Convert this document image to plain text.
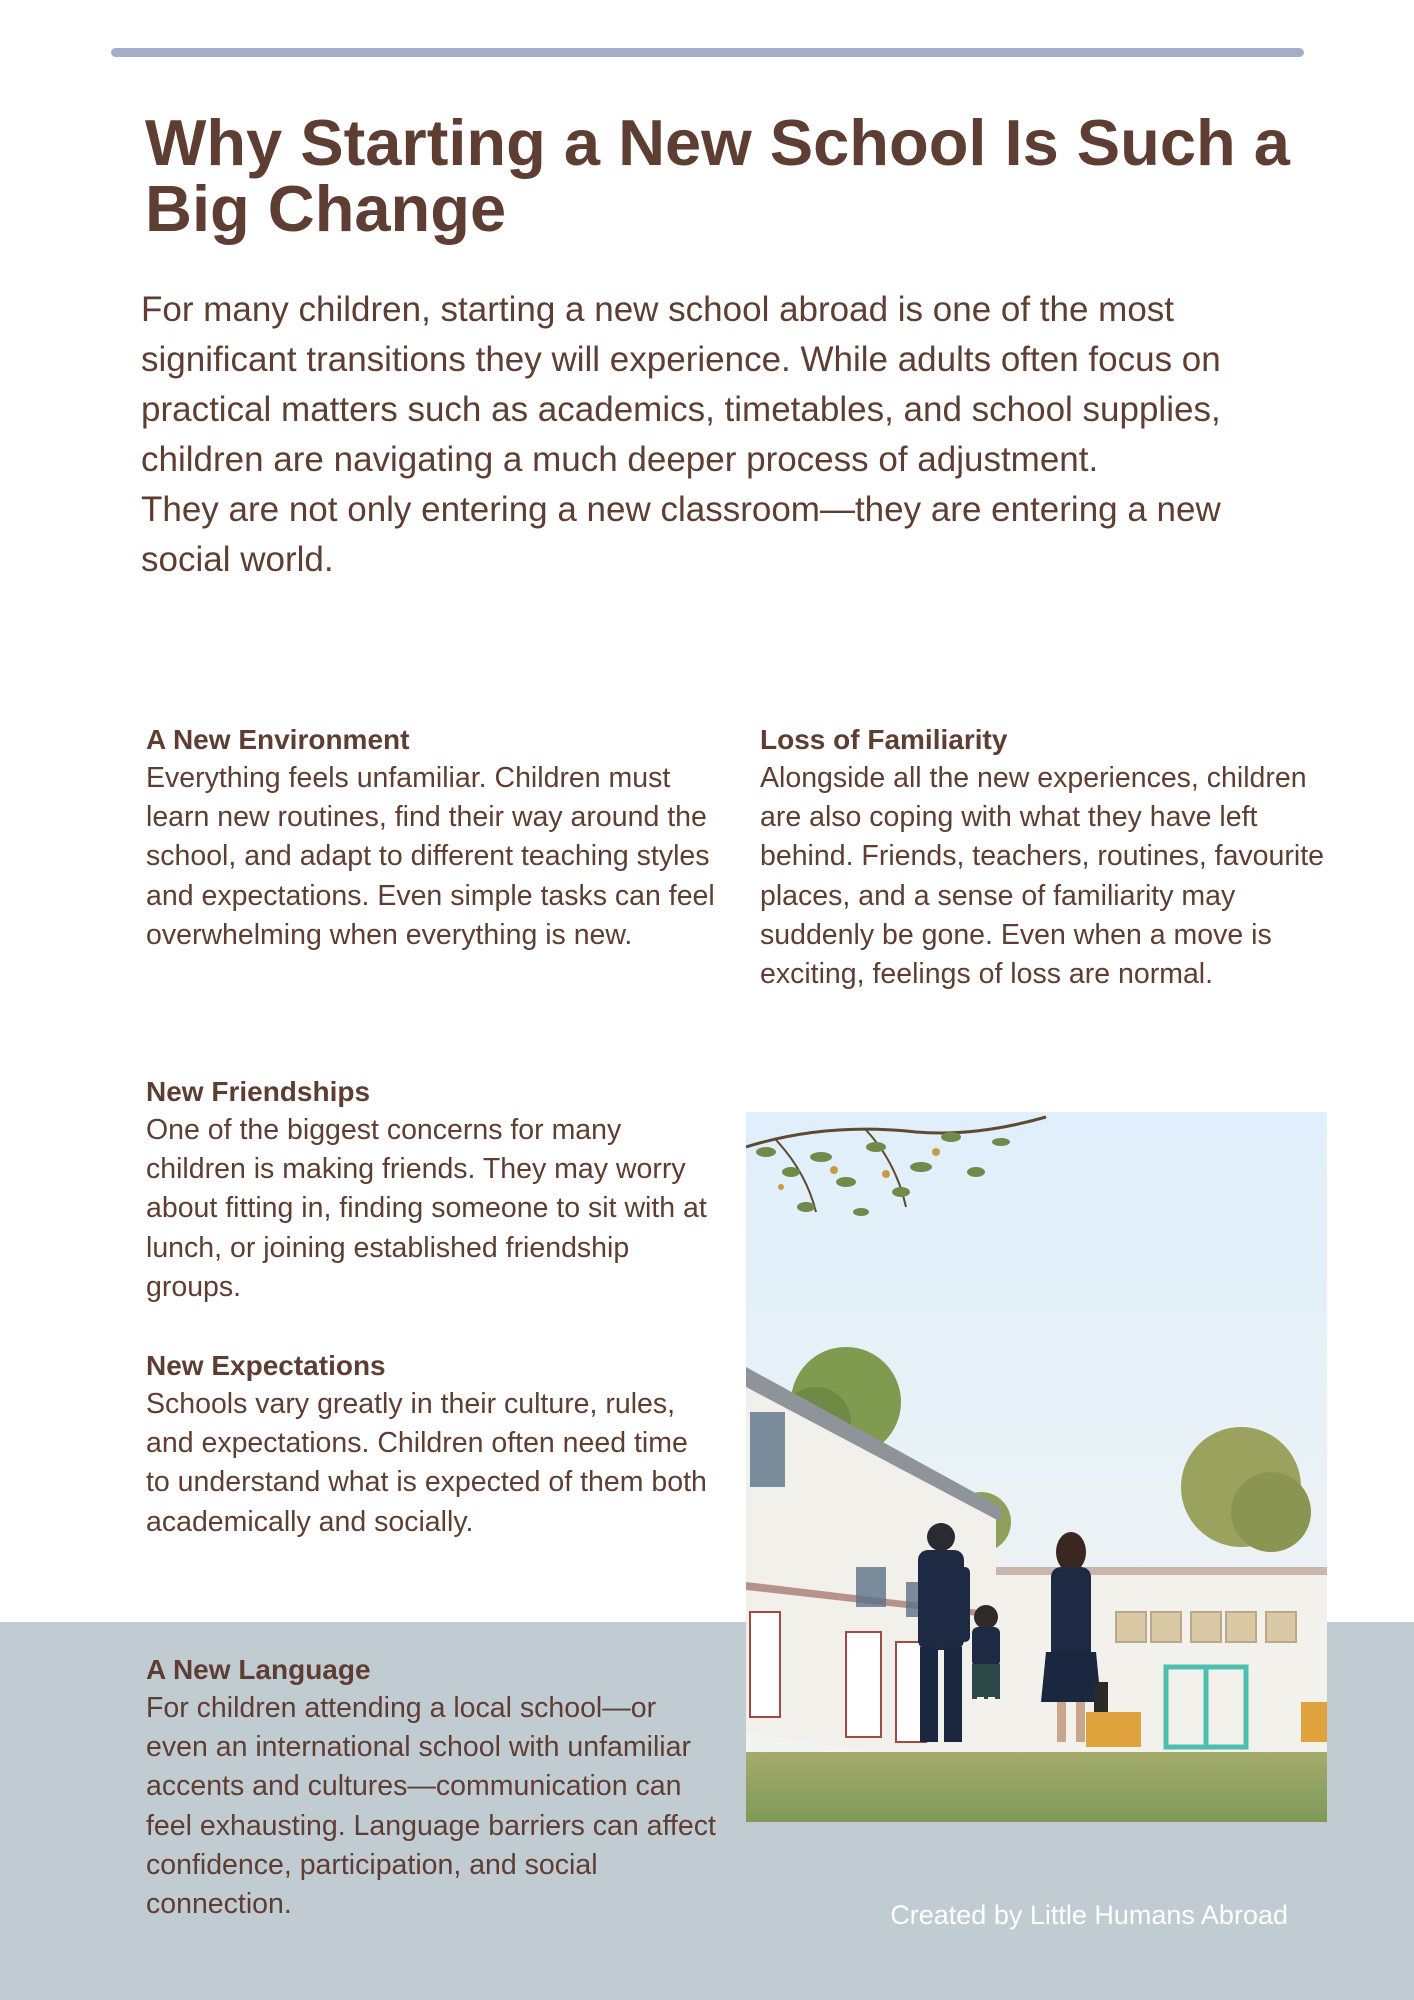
Why Starting a New School Is Such a Big Change

For many children, starting a new school abroad is one of the most significant transitions they will experience. While adults often focus on practical matters such as academics, timetables, and school supplies, children are navigating a much deeper process of adjustment.

They are not only entering a new classroom—they are entering a new social world.

A New Environment

Everything feels unfamiliar. Children must learn new routines, find their way around the school, and adapt to different teaching styles and expectations. Even simple tasks can feel overwhelming when everything is new.

Loss of Familiarity

Alongside all the new experiences, children are also coping with what they have left behind. Friends, teachers, routines, favourite places, and a sense of familiarity may suddenly be gone. Even when a move is exciting, feelings of loss are normal.

New Friendships

One of the biggest concerns for many children is making friends. They may worry about fitting in, finding someone to sit with at lunch, or joining established friendship groups.

New Expectations

Schools vary greatly in their culture, rules, and expectations. Children often need time to understand what is expected of them both academically and socially.

A New Language

For children attending a local school—or even an international school with unfamiliar accents and cultures—communication can feel exhausting. Language barriers can affect confidence, participation, and social connection.	Created by Little Humans Abroad
